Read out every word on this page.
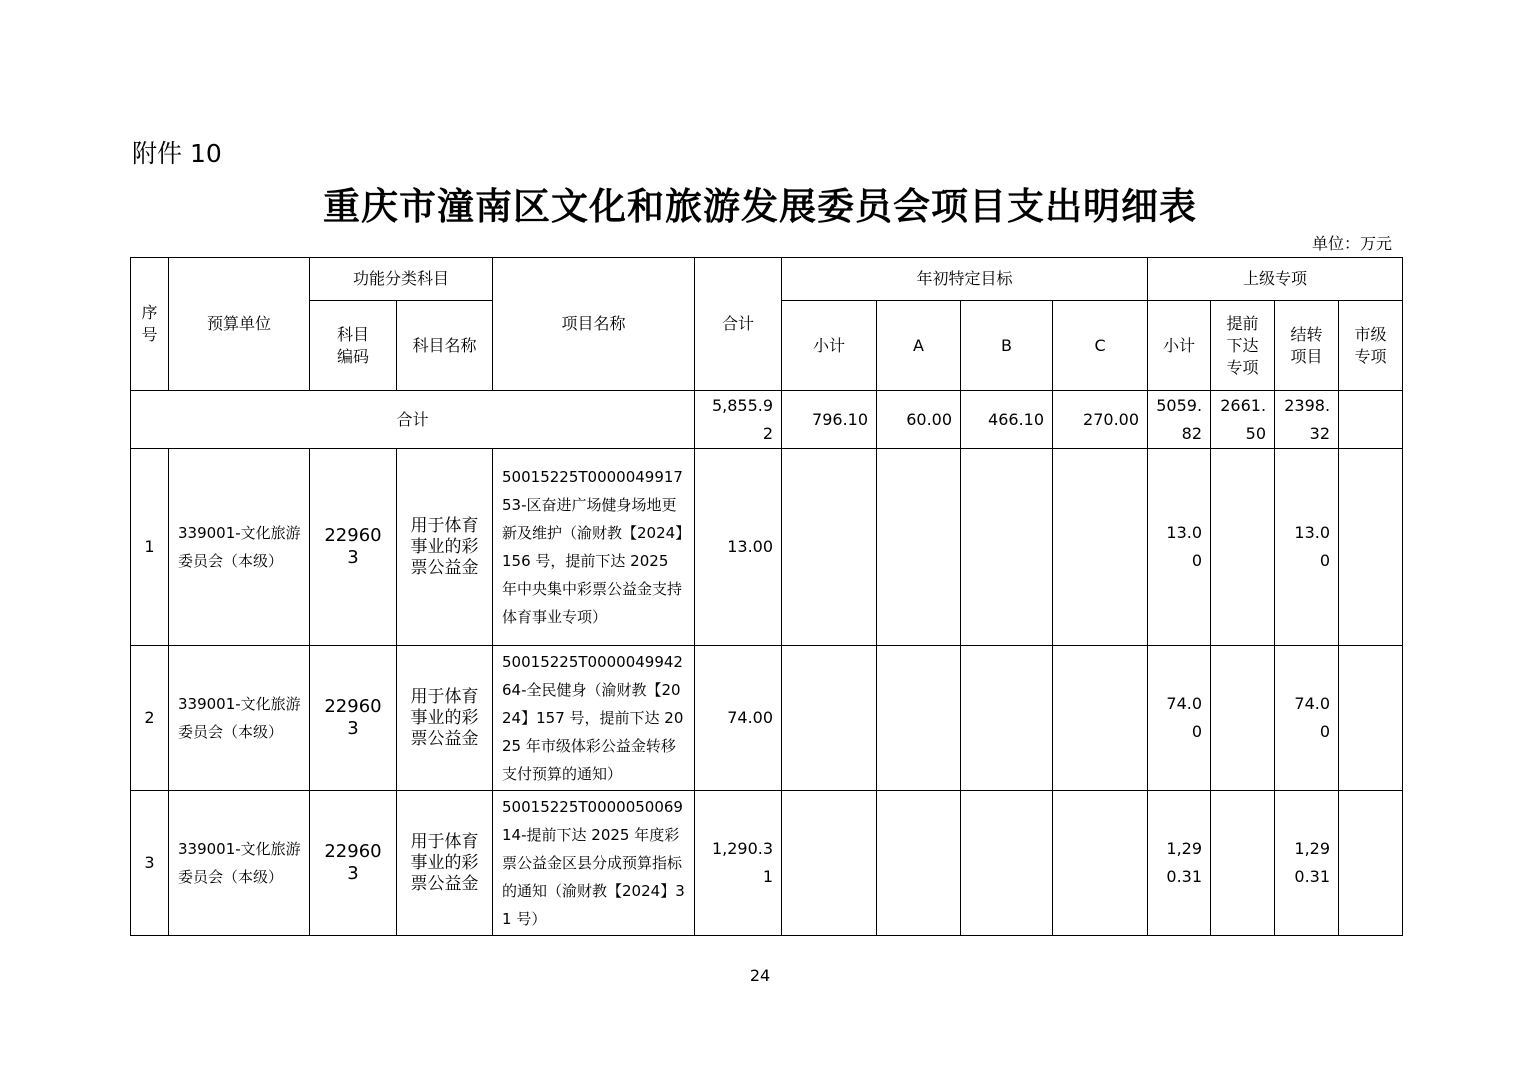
附件 10
重庆市潼南区文化和旅游发展委员会项目支出明细表
单位：万元
序号	预算单位	功能分类科目		项目名称	合计	年初特定目标				上级专项			
		科目编码	科目名称			小计	A	B	C	小计	提前下达专项	结转项目	市级专项
合计					5,855.92	796.10	60.00	466.10	270.00	5059.82	2661.50	2398.32	
1	339001-文化旅游委员会（本级）	229603	用于体育事业的彩票公益金	50015225T000004991753-区奋进广场健身场地更新及维护（渝财教【2024】156 号，提前下达 2025 年中央集中彩票公益金支持体育事业专项）	13.00					13.00		13.00	
2	339001-文化旅游委员会（本级）	229603	用于体育事业的彩票公益金	50015225T000004994264-全民健身（渝财教【2024】157 号，提前下达 2025 年市级体彩公益金转移支付预算的通知）	74.00					74.00		74.00	
3	339001-文化旅游委员会（本级）	229603	用于体育事业的彩票公益金	50015225T000005006914-提前下达 2025 年度彩票公益金区县分成预算指标的通知（渝财教【2024】31 号）	1,290.31					1,290.31		1,290.31	
24
